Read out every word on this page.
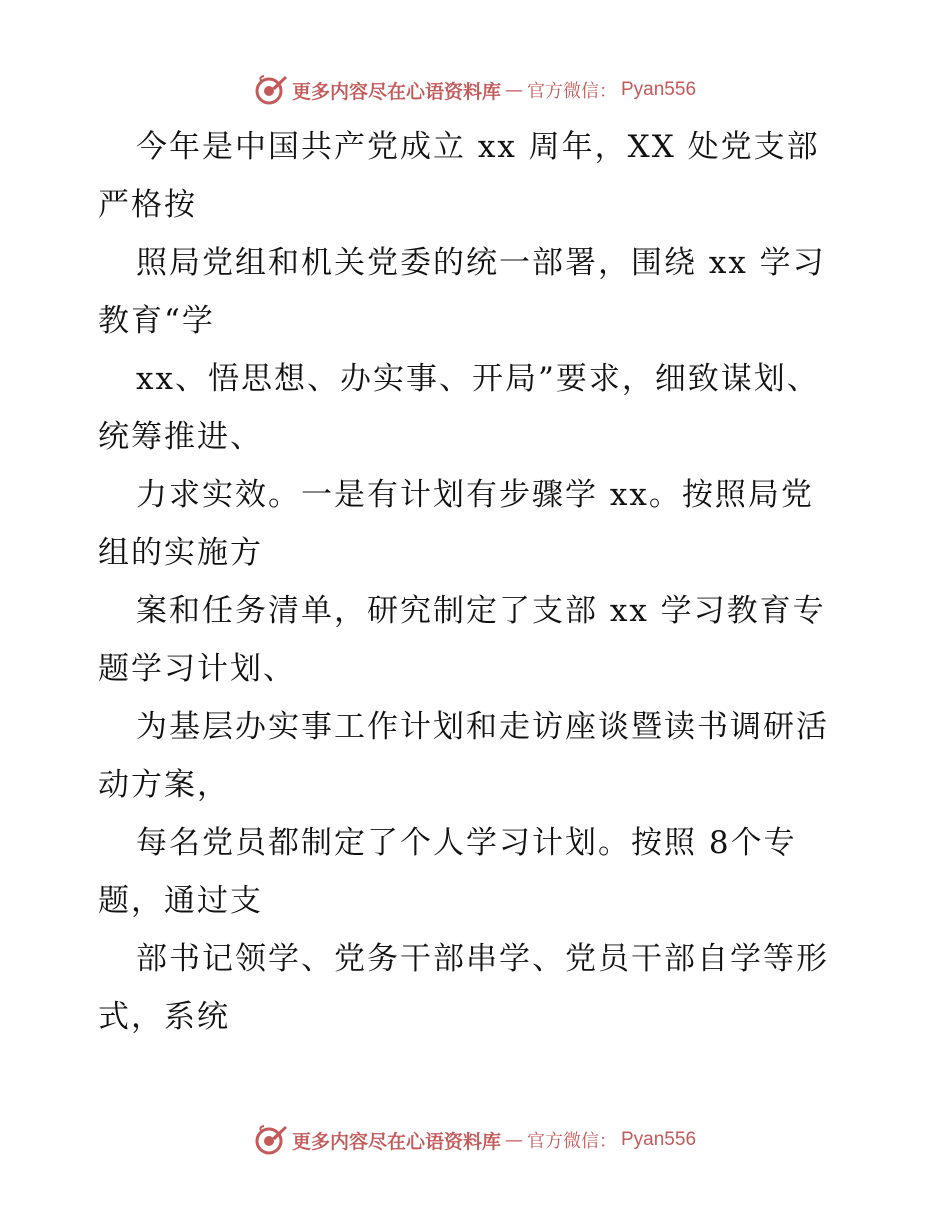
更多内容尽在心语资料库 — 官方微信： Pyan556
今年是中国共产党成立 xx 周年，XX 处党支部
严格按
照局党组和机关党委的统一部署，围绕 xx 学习
教育“学
xx、悟思想、办实事、开局”要求，细致谋划、
统筹推进、
力求实效。一是有计划有步骤学 xx。按照局党
组的实施方
案和任务清单，研究制定了支部 xx 学习教育专
题学习计划、
为基层办实事工作计划和走访座谈暨读书调研活
动方案，
每名党员都制定了个人学习计划。按照 8个专
题，通过支
部书记领学、党务干部串学、党员干部自学等形
式，系统
更多内容尽在心语资料库 — 官方微信： Pyan556
